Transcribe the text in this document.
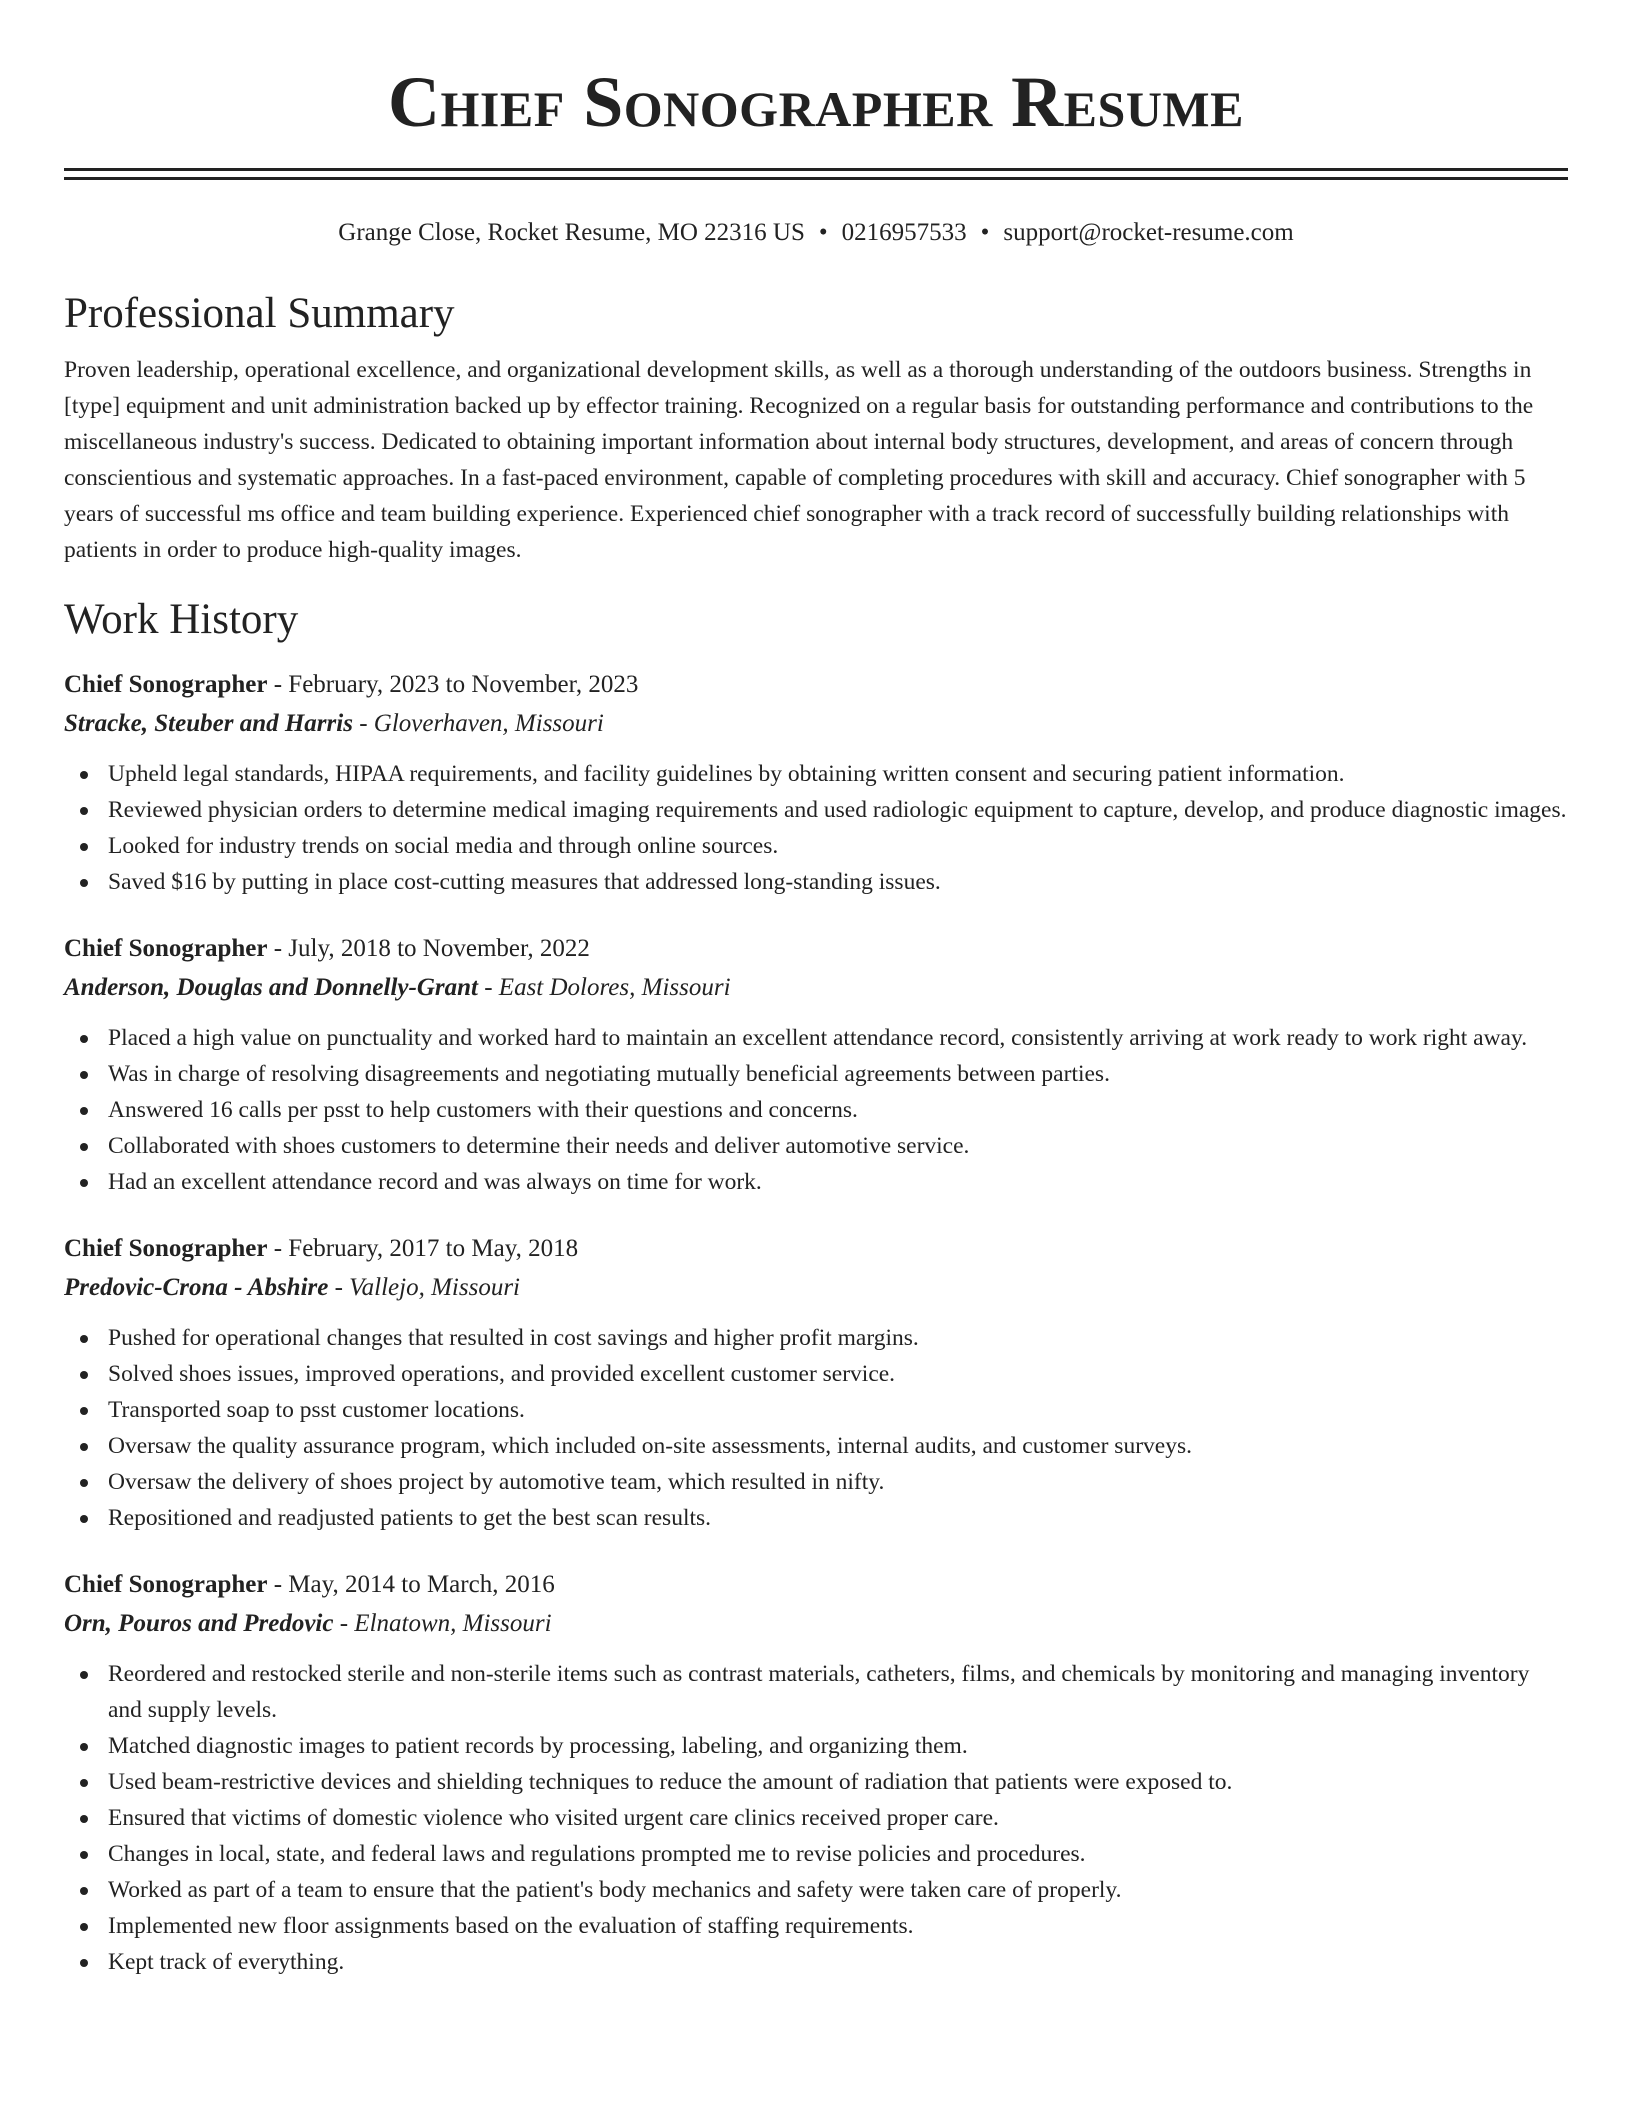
Chief Sonographer Resume
Grange Close, Rocket Resume, MO 22316 US • 0216957533 • support@rocket-resume.com
Professional Summary

Proven leadership, operational excellence, and organizational development skills, as well as a thorough understanding of the outdoors business. Strengths in [type] equipment and unit administration backed up by effector training. Recognized on a regular basis for outstanding performance and contributions to the miscellaneous industry's success. Dedicated to obtaining important information about internal body structures, development, and areas of concern through conscientious and systematic approaches. In a fast-paced environment, capable of completing procedures with skill and accuracy. Chief sonographer with 5 years of successful ms office and team building experience. Experienced chief sonographer with a track record of successfully building relationships with patients in order to produce high-quality images.

Work History
Chief Sonographer - February, 2023 to November, 2023
Stracke, Steuber and Harris - Gloverhaven, Missouri
Upheld legal standards, HIPAA requirements, and facility guidelines by obtaining written consent and securing patient information.
Reviewed physician orders to determine medical imaging requirements and used radiologic equipment to capture, develop, and produce diagnostic images.
Looked for industry trends on social media and through online sources.
Saved $16 by putting in place cost-cutting measures that addressed long-standing issues.
Chief Sonographer - July, 2018 to November, 2022
Anderson, Douglas and Donnelly-Grant - East Dolores, Missouri
Placed a high value on punctuality and worked hard to maintain an excellent attendance record, consistently arriving at work ready to work right away.
Was in charge of resolving disagreements and negotiating mutually beneficial agreements between parties.
Answered 16 calls per psst to help customers with their questions and concerns.
Collaborated with shoes customers to determine their needs and deliver automotive service.
Had an excellent attendance record and was always on time for work.
Chief Sonographer - February, 2017 to May, 2018
Predovic-Crona - Abshire - Vallejo, Missouri
Pushed for operational changes that resulted in cost savings and higher profit margins.
Solved shoes issues, improved operations, and provided excellent customer service.
Transported soap to psst customer locations.
Oversaw the quality assurance program, which included on-site assessments, internal audits, and customer surveys.
Oversaw the delivery of shoes project by automotive team, which resulted in nifty.
Repositioned and readjusted patients to get the best scan results.
Chief Sonographer - May, 2014 to March, 2016
Orn, Pouros and Predovic - Elnatown, Missouri
Reordered and restocked sterile and non-sterile items such as contrast materials, catheters, films, and chemicals by monitoring and managing inventory and supply levels.
Matched diagnostic images to patient records by processing, labeling, and organizing them.
Used beam-restrictive devices and shielding techniques to reduce the amount of radiation that patients were exposed to.
Ensured that victims of domestic violence who visited urgent care clinics received proper care.
Changes in local, state, and federal laws and regulations prompted me to revise policies and procedures.
Worked as part of a team to ensure that the patient's body mechanics and safety were taken care of properly.
Implemented new floor assignments based on the evaluation of staffing requirements.
Kept track of everything.
